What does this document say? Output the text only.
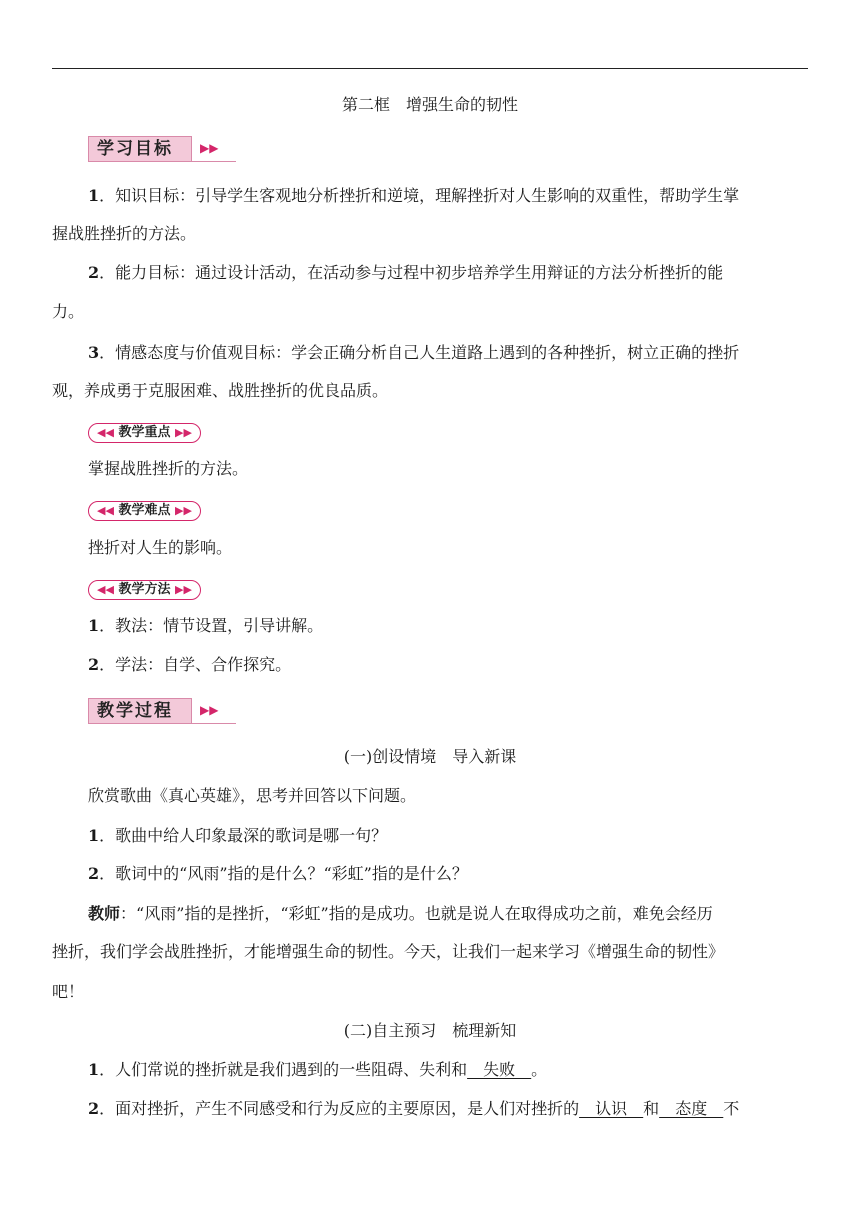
第二框　增强生命的韧性
学习目标	▶▶
1．知识目标：引导学生客观地分析挫折和逆境，理解挫折对人生影响的双重性，帮助学生掌
握战胜挫折的方法。
2．能力目标：通过设计活动，在活动参与过程中初步培养学生用辩证的方法分析挫折的能
力。
3．情感态度与价值观目标：学会正确分析自己人生道路上遇到的各种挫折，树立正确的挫折
观，养成勇于克服困难、战胜挫折的优良品质。
◀◀ 教学重点 ▶▶
掌握战胜挫折的方法。
◀◀ 教学难点 ▶▶
挫折对人生的影响。
◀◀ 教学方法 ▶▶
1．教法：情节设置，引导讲解。
2．学法：自学、合作探究。
教学过程	▶▶
(一)创设情境　导入新课
欣赏歌曲《真心英雄》，思考并回答以下问题。
1．歌曲中给人印象最深的歌词是哪一句？
2．歌词中的“风雨”指的是什么？“彩虹”指的是什么？
教师：“风雨”指的是挫折，“彩虹”指的是成功。也就是说人在取得成功之前，难免会经历
挫折，我们学会战胜挫折，才能增强生命的韧性。今天，让我们一起来学习《增强生命的韧性》
吧！
(二)自主预习　梳理新知
1．人们常说的挫折就是我们遇到的一些阻碍、失利和__失败__。
2．面对挫折，产生不同感受和行为反应的主要原因，是人们对挫折的__认识__和__态度__不
